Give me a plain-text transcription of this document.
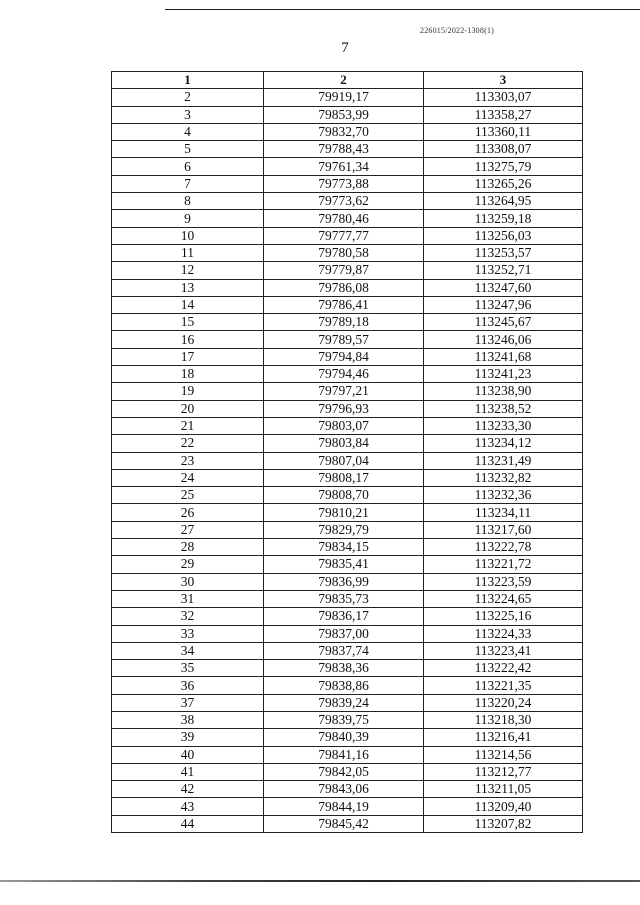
226015/2022-1308(1)
7
1	2	3
2	79919,17	113303,07
3	79853,99	113358,27
4	79832,70	113360,11
5	79788,43	113308,07
6	79761,34	113275,79
7	79773,88	113265,26
8	79773,62	113264,95
9	79780,46	113259,18
10	79777,77	113256,03
11	79780,58	113253,57
12	79779,87	113252,71
13	79786,08	113247,60
14	79786,41	113247,96
15	79789,18	113245,67
16	79789,57	113246,06
17	79794,84	113241,68
18	79794,46	113241,23
19	79797,21	113238,90
20	79796,93	113238,52
21	79803,07	113233,30
22	79803,84	113234,12
23	79807,04	113231,49
24	79808,17	113232,82
25	79808,70	113232,36
26	79810,21	113234,11
27	79829,79	113217,60
28	79834,15	113222,78
29	79835,41	113221,72
30	79836,99	113223,59
31	79835,73	113224,65
32	79836,17	113225,16
33	79837,00	113224,33
34	79837,74	113223,41
35	79838,36	113222,42
36	79838,86	113221,35
37	79839,24	113220,24
38	79839,75	113218,30
39	79840,39	113216,41
40	79841,16	113214,56
41	79842,05	113212,77
42	79843,06	113211,05
43	79844,19	113209,40
44	79845,42	113207,82
